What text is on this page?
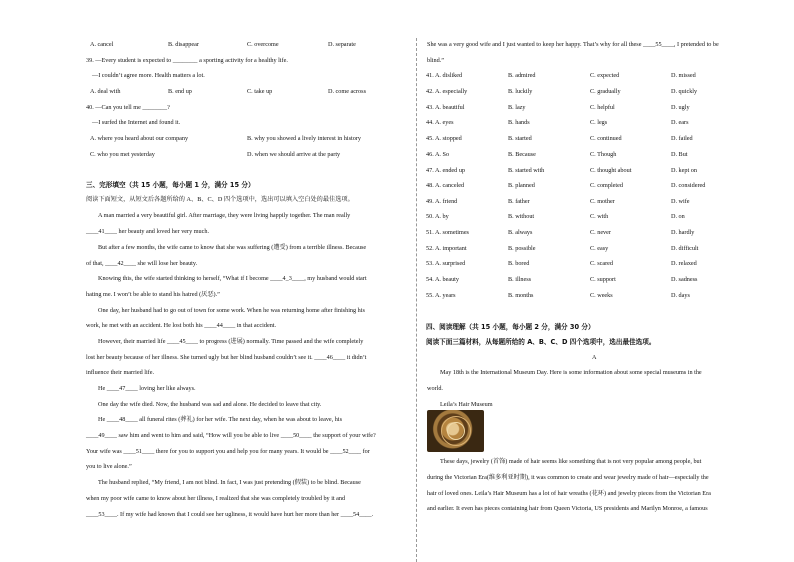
A. cancel	B. disappear	C. overcome	D. separate
39. —Every student is expected to ________ a sporting activity for a healthy life.
—I couldn’t agree more. Health matters a lot.
A. deal with	B. end up	C. take up	D. come across
40. —Can you tell me ________?
—I surfed the Internet and found it.
A. where you heard about our company	B. why you showed a lively interest in history
C. who you met yesterday	D. when we should arrive at the party
三、完形填空（共 15 小题，每小题 1 分，满分 15 分）
阅读下面短文，从短文后各题所给的 A、B、C、D 四个选项中，选出可以填入空白处的最佳选项。
A man married a very beautiful girl. After marriage, they were living happily together. The man really
____41____ her beauty and loved her very much.
But after a few months, the wife came to know that she was suffering (遭受) from a terrible illness. Because
of that, ____42____ she will lose her beauty.
Knowing this, the wife started thinking to herself, “What if I become ____4_3____, my husband would start
hating me. I won’t be able to stand his hatred (厌恶).”
One day, her husband had to go out of town for some work. When he was returning home after finishing his
work, he met with an accident. He lost both his ____44____ in that accident.
However, their married life ____45____ to progress (进展) normally. Time passed and the wife completely
lost her beauty because of her illness. She turned ugly but her blind husband couldn’t see it. ____46____ it didn’t
influence their married life.
He ____47____ loving her like always.
One day the wife died. Now, the husband was sad and alone. He decided to leave that city.
He ____48____ all funeral rites (葬礼) for her wife. The next day, when he was about to leave, his
____49____ saw him and went to him and said, “How will you be able to live ____50____ the support of your wife?
Your wife was ____51____ there for you to support you and help you for many years. It would be ____52____ for
you to live alone.”
The husband replied, “My friend, I am not blind. In fact, I was just pretending (假装) to be blind. Because
when my poor wife came to know about her illness, I realized that she was completely troubled by it and
____53____. If my wife had known that I could see her ugliness, it would have hurt her more than her ____54____.
She was a very good wife and I just wanted to keep her happy. That’s why for all these ____55____, I pretended to be
blind.”
41. A. disliked	B. admired	C. expected	D. missed
42. A. especially	B. luckily	C. gradually	D. quickly
43. A. beautiful	B. lazy	C. helpful	D. ugly
44. A. eyes	B. hands	C. legs	D. ears
45. A. stopped	B. started	C. continued	D. failed
46. A. So	B. Because	C. Though	D. But
47. A. ended up	B. started with	C. thought about	D. kept on
48. A. canceled	B. planned	C. completed	D. considered
49. A. friend	B. father	C. mother	D. wife
50. A. by	B. without	C. with	D. on
51. A. sometimes	B. always	C. never	D. hardly
52. A. important	B. possible	C. easy	D. difficult
53. A. surprised	B. bored	C. scared	D. relaxed
54. A. beauty	B. illness	C. support	D. sadness
55. A. years	B. months	C. weeks	D. days
四、阅读理解（共 15 小题，每小题 2 分，满分 30 分）
阅读下面三篇材料，从每题所给的 A、B、C、D 四个选项中，选出最佳选项。
A
May 18th is the International Museum Day. Here is some information about some special museums in the
world.
Leila’s Hair Museum
These days, jewelry (首饰) made of hair seems like something that is not very popular among people, but
during the Victorian Era(维多利亚时期), it was common to create and wear jewelry made of hair—especially the
hair of loved ones. Leila’s Hair Museum has a lot of hair wreaths (花环) and jewelry pieces from the Victorian Era
and earlier. It even has pieces containing hair from Queen Victoria, US presidents and Marilyn Monroe, a famous
